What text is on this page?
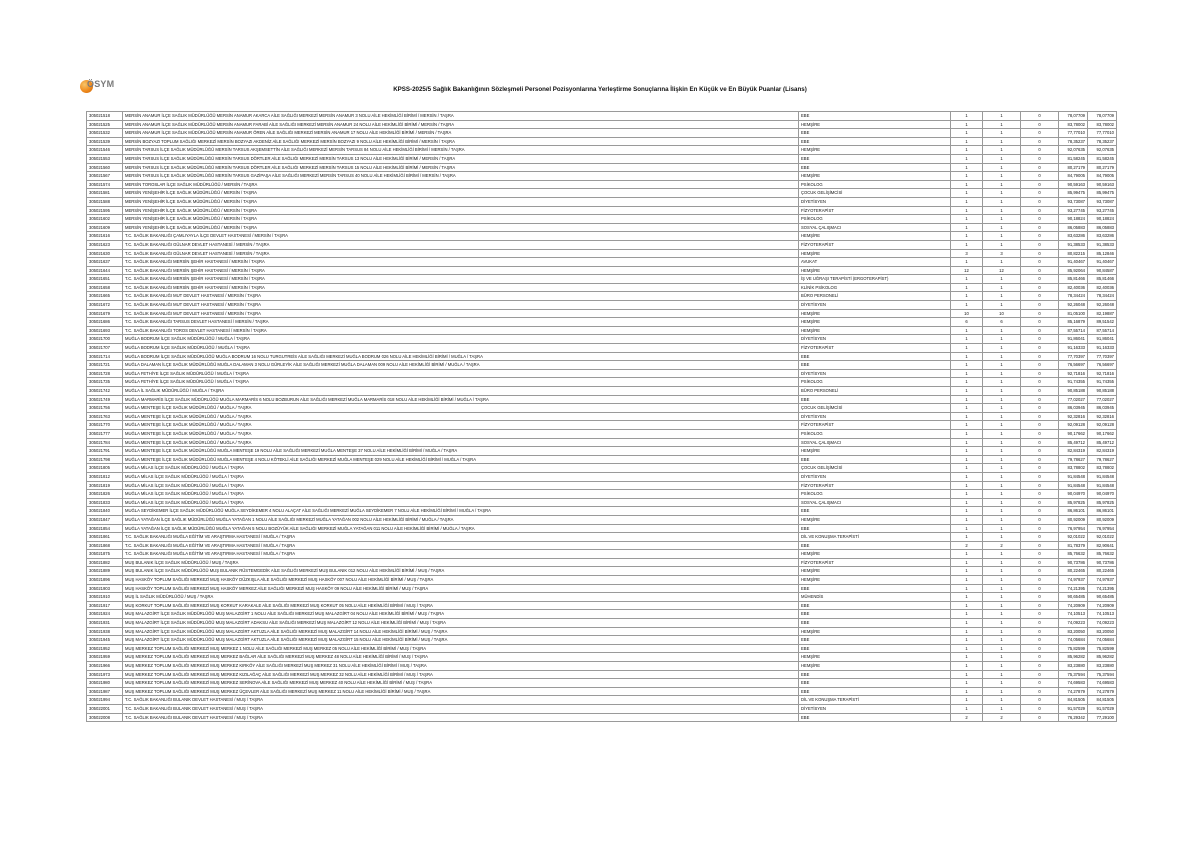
ÖSYM
KPSS-2025/5 Sağlık Bakanlığının Sözleşmeli Personel Pozisyonlarına Yerleştirme Sonuçlarına İlişkin En Küçük ve En Büyük Puanlar (Lisans)
305021518	MERSİN ANAMUR İLÇE SAĞLIK MÜDÜRLÜĞÜ MERSİN ANAMUR AKARCA AİLE SAĞLIĞI MERKEZİ MERSİN ANAMUR 3 NOLU AİLE HEKİMLİĞİ BİRİMİ / MERSİN / TAŞRA	EBE	1	1	0	78,07709	78,07709
305021525	MERSİN ANAMUR İLÇE SAĞLIK MÜDÜRLÜĞÜ MERSİN ANAMUR FARABİ AİLE SAĞLIĞI MERKEZİ MERSİN ANAMUR 24 NOLU AİLE HEKİMLİĞİ BİRİMİ / MERSİN / TAŞRA	HEMŞİRE	1	1	0	83,78002	83,78002
305021532	MERSİN ANAMUR İLÇE SAĞLIK MÜDÜRLÜĞÜ MERSİN ANAMUR ÖREN AİLE SAĞLIĞI MERKEZİ MERSİN ANAMUR 17 NOLU AİLE HEKİMLİĞİ BİRİMİ / MERSİN / TAŞRA	EBE	1	1	0	77,77010	77,77010
305021539	MERSİN BOZYAZI TOPLUM SAĞLIĞI MERKEZİ MERSİN BOZYAZI AKDENİZ AİLE SAĞLIĞI MERKEZİ MERSİN BOZYAZI 9 NOLU AİLE HEKİMLİĞİ BİRİMİ / MERSİN / TAŞRA	EBE	1	1	0	78,35237	78,35237
305021546	MERSİN TARSUS İLÇE SAĞLIK MÜDÜRLÜĞÜ MERSİN TARSUS AKŞEMSETTİN AİLE SAĞLIĞI MERKEZİ MERSİN TARSUS 84 NOLU AİLE HEKİMLİĞİ BİRİMİ / MERSİN / TAŞRA	HEMŞİRE	1	1	0	92,07635	92,07635
305021553	MERSİN TARSUS İLÇE SAĞLIK MÜDÜRLÜĞÜ MERSİN TARSUS DÖRTLER AİLE SAĞLIĞI MERKEZİ MERSİN TARSUS 13 NOLU AİLE HEKİMLİĞİ BİRİMİ / MERSİN / TAŞRA	EBE	1	1	0	81,58245	81,58245
305021560	MERSİN TARSUS İLÇE SAĞLIK MÜDÜRLÜĞÜ MERSİN TARSUS DÖRTLER AİLE SAĞLIĞI MERKEZİ MERSİN TARSUS 15 NOLU AİLE HEKİMLİĞİ BİRİMİ / MERSİN / TAŞRA	EBE	1	1	0	80,27179	80,27179
305021567	MERSİN TARSUS İLÇE SAĞLIK MÜDÜRLÜĞÜ MERSİN TARSUS GAZİPAŞA AİLE SAĞLIĞI MERKEZİ MERSİN TARSUS 40 NOLU AİLE HEKİMLİĞİ BİRİMİ / MERSİN / TAŞRA	HEMŞİRE	1	1	0	84,79005	84,79005
305021574	MERSİN TOROSLAR İLÇE SAĞLIK MÜDÜRLÜĞÜ / MERSİN / TAŞRA	PSİKOLOG	1	1	0	90,59163	90,59163
305021581	MERSİN YENİŞEHİR İLÇE SAĞLIK MÜDÜRLÜĞÜ / MERSİN / TAŞRA	ÇOCUK GELİŞİMCİSİ	1	1	0	85,99475	85,99475
305021588	MERSİN YENİŞEHİR İLÇE SAĞLIK MÜDÜRLÜĞÜ / MERSİN / TAŞRA	DİYETİSYEN	1	1	0	93,73087	93,73087
305021595	MERSİN YENİŞEHİR İLÇE SAĞLIK MÜDÜRLÜĞÜ / MERSİN / TAŞRA	FİZYOTERAPİST	1	1	0	93,27745	93,27745
305021602	MERSİN YENİŞEHİR İLÇE SAĞLIK MÜDÜRLÜĞÜ / MERSİN / TAŞRA	PSİKOLOG	1	1	0	90,18824	90,18824
305021609	MERSİN YENİŞEHİR İLÇE SAĞLIK MÜDÜRLÜĞÜ / MERSİN / TAŞRA	SOSYAL ÇALIŞMACI	1	1	0	86,05883	86,05883
305021616	T.C. SAĞLIK BAKANLIĞI ÇAMLIYAYLA İLÇE DEVLET HASTANESİ / MERSİN / TAŞRA	HEMŞİRE	1	1	0	83,63286	83,63286
305021623	T.C. SAĞLIK BAKANLIĞI GÜLNAR DEVLET HASTANESİ / MERSİN / TAŞRA	FİZYOTERAPİST	1	1	0	91,38533	91,38533
305021630	T.C. SAĞLIK BAKANLIĞI GÜLNAR DEVLET HASTANESİ / MERSİN / TAŞRA	HEMŞİRE	3	3	0	80,82215	85,12846
305021637	T.C. SAĞLIK BAKANLIĞI MERSİN ŞEHİR HASTANESİ / MERSİN / TAŞRA	AVUKAT	1	1	0	91,40467	91,40467
305021644	T.C. SAĞLIK BAKANLIĞI MERSİN ŞEHİR HASTANESİ / MERSİN / TAŞRA	HEMŞİRE	12	12	0	85,92064	90,84587
305021651	T.C. SAĞLIK BAKANLIĞI MERSİN ŞEHİR HASTANESİ / MERSİN / TAŞRA	İŞ VE UĞRAŞI TERAPİSTİ (ERGOTERAPİST)	1	1	0	85,81466	85,81466
305021658	T.C. SAĞLIK BAKANLIĞI MERSİN ŞEHİR HASTANESİ / MERSİN / TAŞRA	KLİNİK PSİKOLOG	1	1	0	82,40036	82,40036
305021665	T.C. SAĞLIK BAKANLIĞI MUT DEVLET HASTANESİ / MERSİN / TAŞRA	BÜRO PERSONELİ	1	1	0	78,34424	78,34424
305021672	T.C. SAĞLIK BAKANLIĞI MUT DEVLET HASTANESİ / MERSİN / TAŞRA	DİYETİSYEN	1	1	0	92,26048	92,26048
305021679	T.C. SAĞLIK BAKANLIĞI MUT DEVLET HASTANESİ / MERSİN / TAŞRA	HEMŞİRE	10	10	0	81,05100	82,19887
305021686	T.C. SAĞLIK BAKANLIĞI TARSUS DEVLET HASTANESİ / MERSİN / TAŞRA	HEMŞİRE	6	6	0	85,16879	89,51542
305021693	T.C. SAĞLIK BAKANLIĞI TOROS DEVLET HASTANESİ / MERSİN / TAŞRA	HEMŞİRE	1	1	0	87,55714	87,55714
305021700	MUĞLA BODRUM İLÇE SAĞLIK MÜDÜRLÜĞÜ / MUĞLA / TAŞRA	DİYETİSYEN	1	1	0	91,86041	91,86041
305021707	MUĞLA BODRUM İLÇE SAĞLIK MÜDÜRLÜĞÜ / MUĞLA / TAŞRA	FİZYOTERAPİST	1	1	0	91,16333	91,16333
305021714	MUĞLA BODRUM İLÇE SAĞLIK MÜDÜRLÜĞÜ MUĞLA BODRUM 16 NOLU TURGUTREİS AİLE SAĞLIĞI MERKEZİ MUĞLA BODRUM 026 NOLU AİLE HEKİMLİĞİ BİRİMİ / MUĞLA / TAŞRA	EBE	1	1	0	77,70397	77,70397
305021721	MUĞLA DALAMAN İLÇE SAĞLIK MÜDÜRLÜĞÜ MUĞLA DALAMAN 3 NOLU GÜRLEYİK AİLE SAĞLIĞI MERKEZİ MUĞLA DALAMAN 009 NOLU AİLE HEKİMLİĞİ BİRİMİ / MUĞLA / TAŞRA	EBE	1	1	0	76,56697	76,56697
305021728	MUĞLA FETHİYE İLÇE SAĞLIK MÜDÜRLÜĞÜ / MUĞLA / TAŞRA	DİYETİSYEN	1	1	0	92,71816	92,71816
305021735	MUĞLA FETHİYE İLÇE SAĞLIK MÜDÜRLÜĞÜ / MUĞLA / TAŞRA	PSİKOLOG	1	1	0	91,74355	91,74355
305021742	MUĞLA İL SAĞLIK MÜDÜRLÜĞÜ / MUĞLA / TAŞRA	BÜRO PERSONELİ	1	1	0	90,85188	90,85188
305021749	MUĞLA MARMARİS İLÇE SAĞLIK MÜDÜRLÜĞÜ MUĞLA MARMARİS 6 NOLU BOZBURUN AİLE SAĞLIĞI MERKEZİ MUĞLA MARMARİS 018 NOLU AİLE HEKİMLİĞİ BİRİMİ / MUĞLA / TAŞRA	EBE	1	1	0	77,02027	77,02027
305021756	MUĞLA MENTEŞE İLÇE SAĞLIK MÜDÜRLÜĞÜ / MUĞLA / TAŞRA	ÇOCUK GELİŞİMCİSİ	1	1	0	86,03945	86,03945
305021763	MUĞLA MENTEŞE İLÇE SAĞLIK MÜDÜRLÜĞÜ / MUĞLA / TAŞRA	DİYETİSYEN	1	1	0	92,32816	92,32816
305021770	MUĞLA MENTEŞE İLÇE SAĞLIK MÜDÜRLÜĞÜ / MUĞLA / TAŞRA	FİZYOTERAPİST	1	1	0	92,09128	92,09128
305021777	MUĞLA MENTEŞE İLÇE SAĞLIK MÜDÜRLÜĞÜ / MUĞLA / TAŞRA	PSİKOLOG	1	1	0	90,17662	90,17662
305021784	MUĞLA MENTEŞE İLÇE SAĞLIK MÜDÜRLÜĞÜ / MUĞLA / TAŞRA	SOSYAL ÇALIŞMACI	1	1	0	85,49712	85,49712
305021791	MUĞLA MENTEŞE İLÇE SAĞLIK MÜDÜRLÜĞÜ MUĞLA MENTEŞE 19 NOLU AİLE SAĞLIĞI MERKEZİ MUĞLA MENTEŞE 37 NOLU AİLE HEKİMLİĞİ BİRİMİ / MUĞLA / TAŞRA	HEMŞİRE	1	1	0	82,84319	82,84319
305021798	MUĞLA MENTEŞE İLÇE SAĞLIK MÜDÜRLÜĞÜ MUĞLA MENTEŞE 4 NOLU KÖTEKLİ AİLE SAĞLIĞI MERKEZİ MUĞLA MENTEŞE 029 NOLU AİLE HEKİMLİĞİ BİRİMİ / MUĞLA / TAŞRA	EBE	1	1	0	79,78627	79,78627
305021805	MUĞLA MİLAS İLÇE SAĞLIK MÜDÜRLÜĞÜ / MUĞLA / TAŞRA	ÇOCUK GELİŞİMCİSİ	1	1	0	83,78802	83,78802
305021812	MUĞLA MİLAS İLÇE SAĞLIK MÜDÜRLÜĞÜ / MUĞLA / TAŞRA	DİYETİSYEN	1	1	0	91,84548	91,84548
305021819	MUĞLA MİLAS İLÇE SAĞLIK MÜDÜRLÜĞÜ / MUĞLA / TAŞRA	FİZYOTERAPİST	1	1	0	91,84548	91,84548
305021826	MUĞLA MİLAS İLÇE SAĞLIK MÜDÜRLÜĞÜ / MUĞLA / TAŞRA	PSİKOLOG	1	1	0	90,04970	90,04970
305021833	MUĞLA MİLAS İLÇE SAĞLIK MÜDÜRLÜĞÜ / MUĞLA / TAŞRA	SOSYAL ÇALIŞMACI	1	1	0	85,97825	85,97825
305021840	MUĞLA SEYDİKEMER İLÇE SAĞLIK MÜDÜRLÜĞÜ MUĞLA SEYDİKEMER 4 NOLU ALAÇAT AİLE SAĞLIĞI MERKEZİ MUĞLA SEYDİKEMER 7 NOLU AİLE HEKİMLİĞİ BİRİMİ / MUĞLA / TAŞRA	EBE	1	1	0	86,86101	86,86101
305021847	MUĞLA YATAĞAN İLÇE SAĞLIK MÜDÜRLÜĞÜ MUĞLA YATAĞAN 1 NOLU AİLE SAĞLIĞI MERKEZİ MUĞLA YATAĞAN 002 NOLU AİLE HEKİMLİĞİ BİRİMİ / MUĞLA / TAŞRA	HEMŞİRE	1	1	0	80,92009	80,92009
305021854	MUĞLA YATAĞAN İLÇE SAĞLIK MÜDÜRLÜĞÜ MUĞLA YATAĞAN 5 NOLU BOZÜYÜK AİLE SAĞLIĞI MERKEZİ MUĞLA YATAĞAN 011 NOLU AİLE HEKİMLİĞİ BİRİMİ / MUĞLA / TAŞRA	EBE	1	1	0	76,97954	76,97954
305021861	T.C. SAĞLIK BAKANLIĞI MUĞLA EĞİTİM VE ARAŞTIRMA HASTANESİ / MUĞLA / TAŞRA	DİL VE KONUŞMA TERAPİSTİ	1	1	0	92,01022	92,01022
305021868	T.C. SAĞLIK BAKANLIĞI MUĞLA EĞİTİM VE ARAŞTIRMA HASTANESİ / MUĞLA / TAŞRA	EBE	2	2	0	81,78379	82,90641
305021875	T.C. SAĞLIK BAKANLIĞI MUĞLA EĞİTİM VE ARAŞTIRMA HASTANESİ / MUĞLA / TAŞRA	HEMŞİRE	1	1	0	85,76632	85,76632
305021882	MUŞ BULANIK İLÇE SAĞLIK MÜDÜRLÜĞÜ / MUŞ / TAŞRA	FİZYOTERAPİST	1	1	0	90,73786	90,73786
305021889	MUŞ BULANIK İLÇE SAĞLIK MÜDÜRLÜĞÜ MUŞ BULANIK RÜSTEMGEDİK AİLE SAĞLIĞI MERKEZİ MUŞ BULANIK 012 NOLU AİLE HEKİMLİĞİ BİRİMİ / MUŞ / TAŞRA	HEMŞİRE	1	1	0	80,22465	80,22465
305021896	MUŞ HASKÖY TOPLUM SAĞLIĞI MERKEZİ MUŞ HASKÖY DÜZKIŞLA AİLE SAĞLIĞI MERKEZİ MUŞ HASKÖY 007 NOLU AİLE HEKİMLİĞİ BİRİMİ / MUŞ / TAŞRA	HEMŞİRE	1	1	0	74,97937	74,97937
305021903	MUŞ HASKÖY TOPLUM SAĞLIĞI MERKEZİ MUŞ HASKÖY MERKEZ AİLE SAĞLIĞI MERKEZİ MUŞ HASKÖY 09 NOLU AİLE HEKİMLİĞİ BİRİMİ / MUŞ / TAŞRA	EBE	1	1	0	74,21395	74,21395
305021910	MUŞ İL SAĞLIK MÜDÜRLÜĞÜ / MUŞ / TAŞRA	MÜHENDİS	1	1	0	90,65485	90,65485
305021917	MUŞ KORKUT TOPLUM SAĞLIĞI MERKEZİ MUŞ KORKUT KARAKALE AİLE SAĞLIĞI MERKEZİ MUŞ KORKUT 05 NOLU AİLE HEKİMLİĞİ BİRİMİ / MUŞ / TAŞRA	EBE	1	1	0	74,20909	74,20909
305021924	MUŞ MALAZGİRT İLÇE SAĞLIK MÜDÜRLÜĞÜ MUŞ MALAZGİRT 1 NOLU AİLE SAĞLIĞI MERKEZİ MUŞ MALAZGİRT 04 NOLU AİLE HEKİMLİĞİ BİRİMİ / MUŞ / TAŞRA	EBE	1	1	0	74,10513	74,10513
305021931	MUŞ MALAZGİRT İLÇE SAĞLIK MÜDÜRLÜĞÜ MUŞ MALAZGİRT ADAKSU AİLE SAĞLIĞI MERKEZİ MUŞ MALAZGİRT 12 NOLU AİLE HEKİMLİĞİ BİRİMİ / MUŞ / TAŞRA	EBE	1	1	0	74,09223	74,09223
305021938	MUŞ MALAZGİRT İLÇE SAĞLIK MÜDÜRLÜĞÜ MUŞ MALAZGİRT AKTUZLA AİLE SAĞLIĞI MERKEZİ MUŞ MALAZGİRT 14 NOLU AİLE HEKİMLİĞİ BİRİMİ / MUŞ / TAŞRA	HEMŞİRE	1	1	0	83,20050	83,20050
305021945	MUŞ MALAZGİRT İLÇE SAĞLIK MÜDÜRLÜĞÜ MUŞ MALAZGİRT AKTUZLA AİLE SAĞLIĞI MERKEZİ MUŞ MALAZGİRT 15 NOLU AİLE HEKİMLİĞİ BİRİMİ / MUŞ / TAŞRA	EBE	1	1	0	74,05684	74,05684
305021952	MUŞ MERKEZ TOPLUM SAĞLIĞI MERKEZİ MUŞ MERKEZ 1 NOLU AİLE SAĞLIĞI MERKEZİ MUŞ MERKEZ 05 NOLU AİLE HEKİMLİĞİ BİRİMİ / MUŞ / TAŞRA	EBE	1	1	0	75,82599	75,82599
305021959	MUŞ MERKEZ TOPLUM SAĞLIĞI MERKEZİ MUŞ MERKEZ BAĞLAR AİLE SAĞLIĞI MERKEZİ MUŞ MERKEZ 48 NOLU AİLE HEKİMLİĞİ BİRİMİ / MUŞ / TAŞRA	HEMŞİRE	1	1	0	85,96282	85,96282
305021966	MUŞ MERKEZ TOPLUM SAĞLIĞI MERKEZİ MUŞ MERKEZ KIRKÖY AİLE SAĞLIĞI MERKEZİ MUŞ MERKEZ 31 NOLU AİLE HEKİMLİĞİ BİRİMİ / MUŞ / TAŞRA	HEMŞİRE	1	1	0	83,23880	83,23880
305021973	MUŞ MERKEZ TOPLUM SAĞLIĞI MERKEZİ MUŞ MERKEZ KIZILAĞAÇ AİLE SAĞLIĞI MERKEZİ MUŞ MERKEZ 32 NOLU AİLE HEKİMLİĞİ BİRİMİ / MUŞ / TAŞRA	EBE	1	1	0	75,37594	75,37594
305021980	MUŞ MERKEZ TOPLUM SAĞLIĞI MERKEZİ MUŞ MERKEZ SERİNOVA AİLE SAĞLIĞI MERKEZİ MUŞ MERKEZ 40 NOLU AİLE HEKİMLİĞİ BİRİMİ / MUŞ / TAŞRA	EBE	1	1	0	74,69583	74,69583
305021987	MUŞ MERKEZ TOPLUM SAĞLIĞI MERKEZİ MUŞ MERKEZ ÜÇEVLER AİLE SAĞLIĞI MERKEZİ MUŞ MERKEZ 11 NOLU AİLE HEKİMLİĞİ BİRİMİ / MUŞ / TAŞRA	EBE	1	1	0	74,27879	74,27879
305021994	T.C. SAĞLIK BAKANLIĞI BULANIK DEVLET HASTANESİ / MUŞ / TAŞRA	DİL VE KONUŞMA TERAPİSTİ	1	1	0	84,81505	84,81505
305022001	T.C. SAĞLIK BAKANLIĞI BULANIK DEVLET HASTANESİ / MUŞ / TAŞRA	DİYETİSYEN	1	1	0	91,57029	91,57029
305022008	T.C. SAĞLIK BAKANLIĞI BULANIK DEVLET HASTANESİ / MUŞ / TAŞRA	EBE	2	2	0	76,29342	77,29100
